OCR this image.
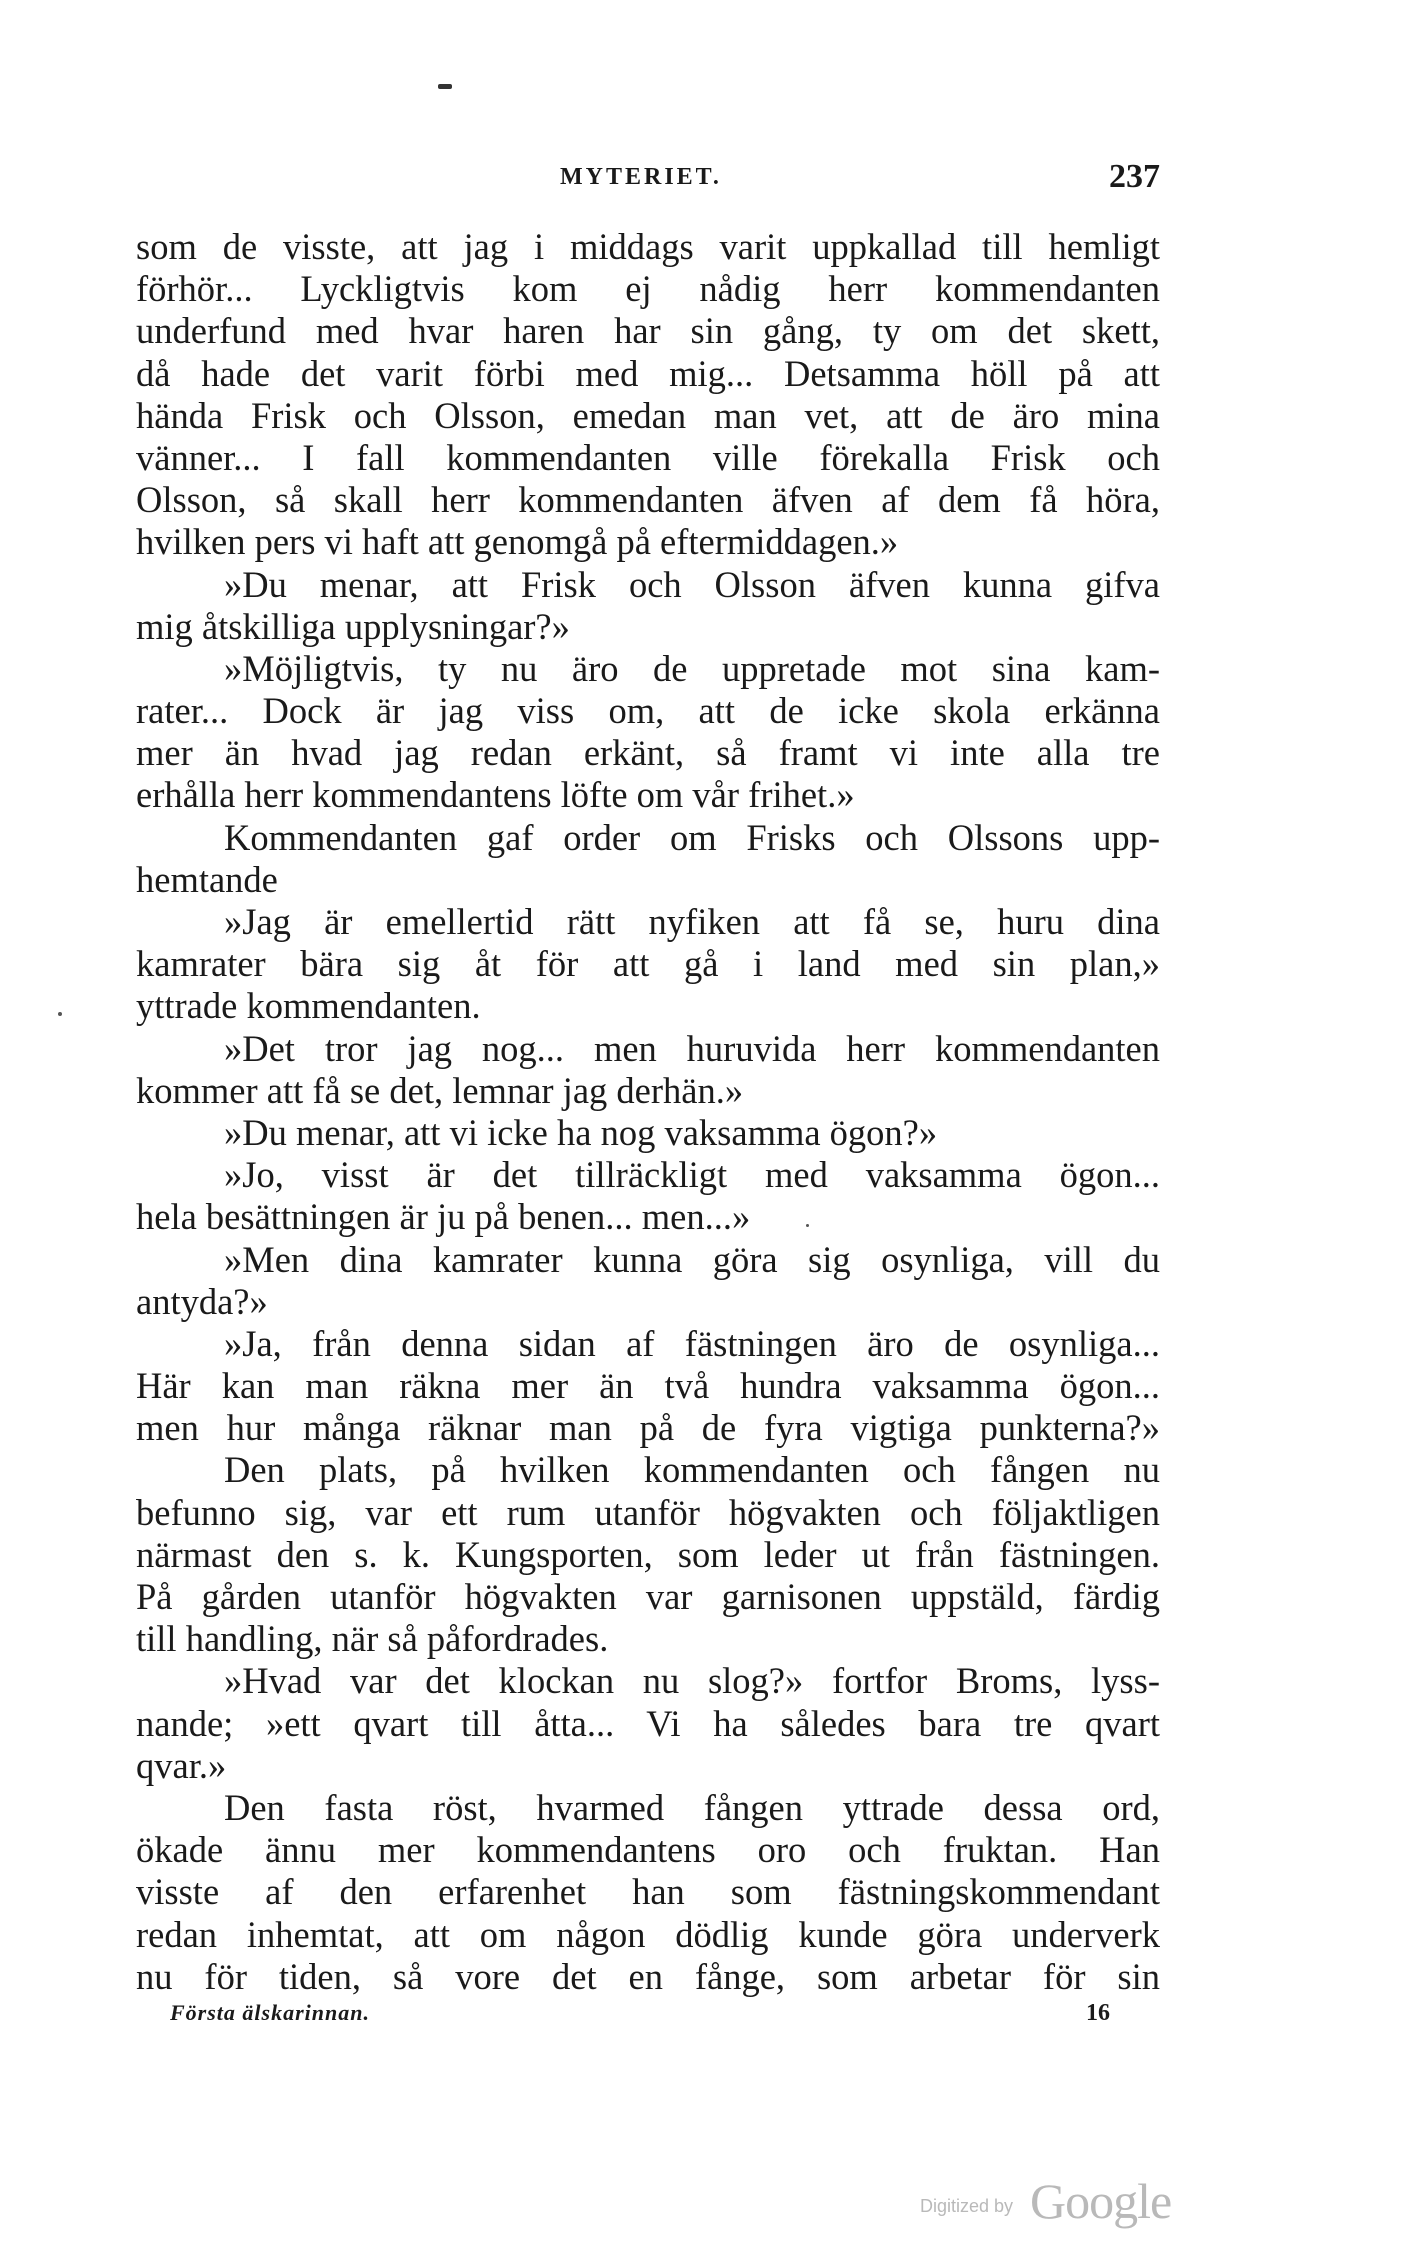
MYTERIET.	237
som de visste, att jag i middags varit uppkallad till hemligt
förhör... Lyckligtvis kom ej nådig herr kommendanten
underfund med hvar haren har sin gång, ty om det skett,
då hade det varit förbi med mig... Detsamma höll på att
hända Frisk och Olsson, emedan man vet, att de äro mina
vänner... I fall kommendanten ville förekalla Frisk och
Olsson, så skall herr kommendanten äfven af dem få höra,
hvilken pers vi haft att genomgå på eftermiddagen.»
»Du menar, att Frisk och Olsson äfven kunna gifva
mig åtskilliga upplysningar?»
»Möjligtvis, ty nu äro de uppretade mot sina kam-
rater... Dock är jag viss om, att de icke skola erkänna
mer än hvad jag redan erkänt, så framt vi inte alla tre
erhålla herr kommendantens löfte om vår frihet.»
Kommendanten gaf order om Frisks och Olssons upp-
hemtande
»Jag är emellertid rätt nyfiken att få se, huru dina
kamrater bära sig åt för att gå i land med sin plan,»
yttrade kommendanten.
»Det tror jag nog... men huruvida herr kommendanten
kommer att få se det, lemnar jag derhän.»
»Du menar, att vi icke ha nog vaksamma ögon?»
»Jo, visst är det tillräckligt med vaksamma ögon...
hela besättningen är ju på benen... men...»
»Men dina kamrater kunna göra sig osynliga, vill du
antyda?»
»Ja, från denna sidan af fästningen äro de osynliga...
Här kan man räkna mer än två hundra vaksamma ögon...
men hur många räknar man på de fyra vigtiga punkterna?»
Den plats, på hvilken kommendanten och fången nu
befunno sig, var ett rum utanför högvakten och följaktligen
närmast den s. k. Kungsporten, som leder ut från fästningen.
På gården utanför högvakten var garnisonen uppstäld, färdig
till handling, när så påfordrades.
»Hvad var det klockan nu slog?» fortfor Broms, lyss-
nande; »ett qvart till åtta... Vi ha således bara tre qvart
qvar.»
Den fasta röst, hvarmed fången yttrade dessa ord,
ökade ännu mer kommendantens oro och fruktan. Han
visste af den erfarenhet han som fästningskommendant
redan inhemtat, att om någon dödlig kunde göra underverk
nu för tiden, så vore det en fånge, som arbetar för sin
Första älskarinnan.	16
Digitized by Google
